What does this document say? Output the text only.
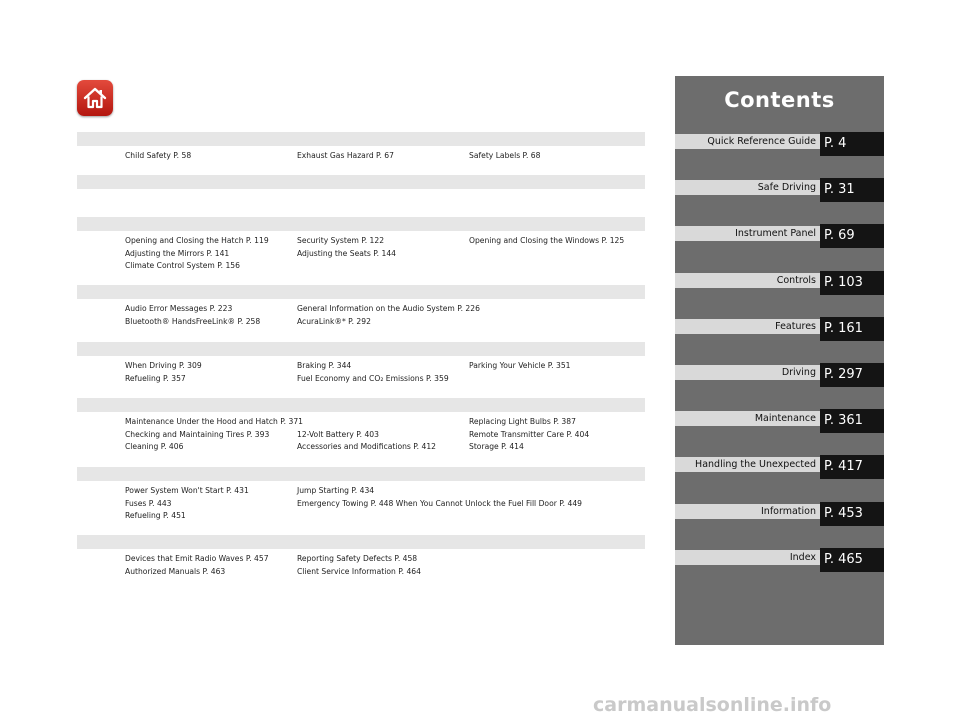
Child Safety P. 58	Exhaust Gas Hazard P. 67	Safety Labels P. 68
Opening and Closing the Hatch P. 119	Security System P. 122	Opening and Closing the Windows P. 125
Adjusting the Mirrors P. 141	Adjusting the Seats P. 144
Climate Control System P. 156
Audio Error Messages P. 223	General Information on the Audio System P. 226
Bluetooth® HandsFreeLink® P. 258	AcuraLink®* P. 292
When Driving P. 309	Braking P. 344	Parking Your Vehicle P. 351
Refueling P. 357	Fuel Economy and CO₂ Emissions P. 359
Maintenance Under the Hood and Hatch P. 371	Replacing Light Bulbs P. 387
Checking and Maintaining Tires P. 393	12-Volt Battery P. 403	Remote Transmitter Care P. 404
Cleaning P. 406	Accessories and Modifications P. 412	Storage P. 414
Power System Won't Start P. 431	Jump Starting P. 434
Fuses P. 443	Emergency Towing P. 448 When You Cannot Unlock the Fuel Fill Door P. 449
Refueling P. 451
Devices that Emit Radio Waves P. 457	Reporting Safety Defects P. 458
Authorized Manuals P. 463	Client Service Information P. 464
Contents
Quick Reference Guide P. 4
Safe Driving P. 31
Instrument Panel P. 69
Controls P. 103
Features P. 161
Driving P. 297
Maintenance P. 361
Handling the Unexpected P. 417
Information P. 453
Index P. 465
carmanualsonline.info
